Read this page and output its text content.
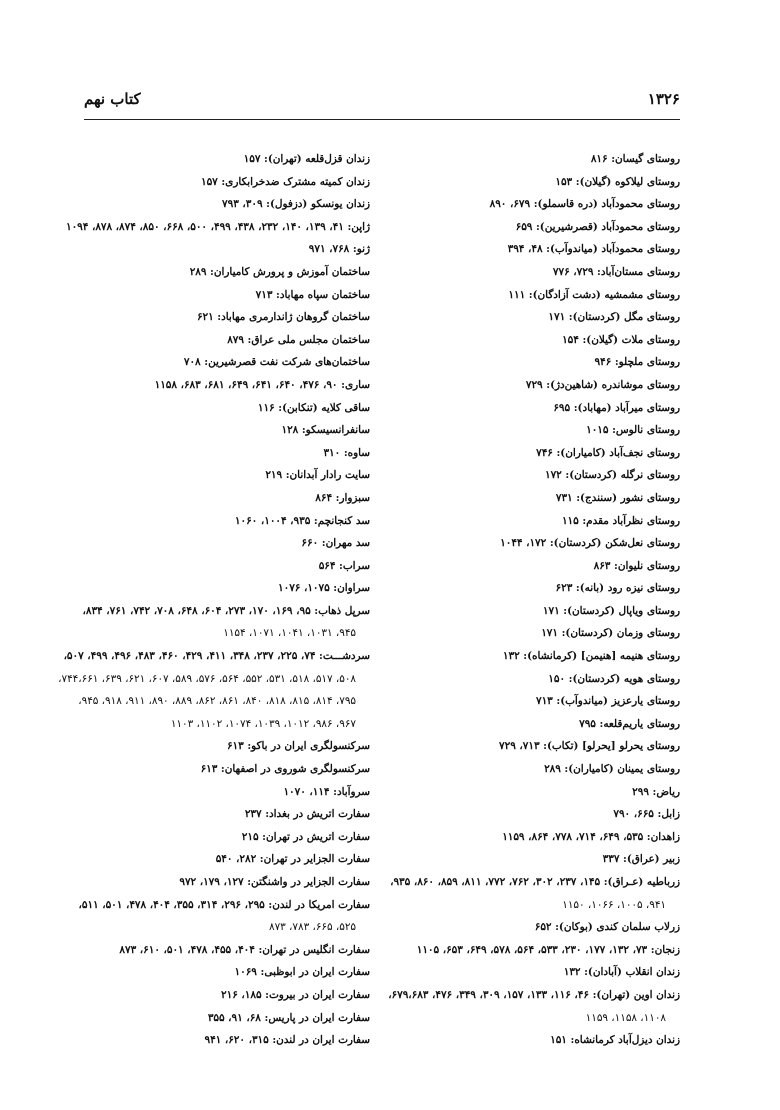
۱۳۲۶
کتاب نهم
روستای گیسان: ۸۱۶
روستای لیلاکوه (گیلان): ۱۵۳
روستای محمودآباد (دره قاسملو): ۶۷۹، ۸۹۰
روستای محمودآباد (قصرشیرین): ۶۵۹
روستای محمودآباد (میاندوآب): ۴۸، ۳۹۴
روستای مستان‌آباد: ۷۲۹، ۷۷۶
روستای مشمشیه (دشت آزادگان): ۱۱۱
روستای مگل (کردستان): ۱۷۱
روستای ملات (گیلان): ۱۵۴
روستای ملچلو: ۹۴۶
روستای موشاندره (شاهین‌دژ): ۷۲۹
روستای میرآباد (مهاباد): ۶۹۵
روستای نالوس: ۱۰۱۵
روستای نجف‌آباد (کامیاران): ۷۴۶
روستای نرگله (کردستان): ۱۷۲
روستای نشور (سنندج): ۷۳۱
روستای نظرآباد مقدم: ۱۱۵
روستای نعل‌شکن (کردستان): ۱۷۲، ۱۰۴۴
روستای نلیوان: ۸۶۳
روستای نیزه رود (بانه): ۶۲۳
روستای ویاپال (کردستان): ۱۷۱
روستای وزمان (کردستان): ۱۷۱
روستای هنیمه [هنیمن] (کرمانشاه): ۱۳۲
روستای هویه (کردستان): ۱۵۰
روستای یارعزیز (میاندوآب): ۷۱۳
روستای یاریم‌قلعه: ۷۹۵
روستای یحرلو [یحرلو] (تکاب): ۷۱۳، ۷۲۹
روستای یمینان (کامیاران): ۲۸۹
ریاض: ۲۹۹
زابل: ۶۶۵، ۷۹۰
زاهدان: ۵۳۵، ۶۴۹، ۷۱۴، ۷۷۸، ۸۶۴، ۱۱۵۹
زبیر (عراق): ۳۳۷
زرباطیه (عـراق): ۱۴۵، ۲۳۷، ۳۰۲، ۷۶۲، ۷۷۲، ۸۱۱، ۸۵۹، ۸۶۰، ۹۳۵،
۹۴۱، ۱۰۰۵، ۱۰۶۶، ۱۱۵۰
زرلاب سلمان کندی (بوکان): ۶۵۲
زنجان: ۷۳، ۱۳۲، ۱۷۷، ۲۳۰، ۵۳۳، ۵۶۴، ۵۷۸، ۶۴۹، ۶۵۳، ۱۱۰۵
زندان انقلاب (آبادان): ۱۳۲
زندان اوین (تهران): ۴۶، ۱۱۶، ۱۳۳، ۱۵۷، ۳۰۹، ۳۴۹، ۴۷۶، ۶۷۹،۶۸۳،
۱۱۰۸، ۱۱۵۸، ۱۱۵۹
زندان دیزل‌آباد کرمانشاه: ۱۵۱
زندان قزل‌قلعه (تهران): ۱۵۷
زندان کمیته مشترک ضدخرابکاری: ۱۵۷
زندان یونسکو (دزفول): ۳۰۹، ۷۹۳
ژاپن: ۴۱، ۱۳۹، ۱۴۰، ۲۳۲، ۴۳۸، ۴۹۹، ۵۰۰، ۶۶۸، ۸۵۰، ۸۷۴، ۸۷۸، ۱۰۹۴
ژنو: ۷۶۸، ۹۷۱
ساختمان آموزش و پرورش کامیاران: ۲۸۹
ساختمان سپاه مهاباد: ۷۱۳
ساختمان گروهان ژاندارمری مهاباد: ۶۲۱
ساختمان مجلس ملی عراق: ۸۷۹
ساختمان‌های شرکت نفت قصرشیرین: ۷۰۸
ساری: ۹۰، ۴۷۶، ۶۴۰، ۶۴۱، ۶۴۹، ۶۸۱، ۶۸۳، ۱۱۵۸
ساقی کلایه (تنکابن): ۱۱۶
سانفرانسیسکو: ۱۲۸
ساوه: ۳۱۰
سایت رادار آبدانان: ۲۱۹
سبزوار: ۸۶۴
سد کنجانچم: ۹۳۵، ۱۰۰۴، ۱۰۶۰
سد مهران: ۶۶۰
سراب: ۵۶۴
سراوان: ۱۰۷۵، ۱۰۷۶
سرپل ذهاب: ۹۵، ۱۶۹، ۱۷۰، ۲۷۳، ۶۰۴، ۶۴۸، ۷۰۸، ۷۴۲، ۷۶۱، ۸۳۴،
۹۴۵، ۱۰۳۱، ۱۰۴۱، ۱۰۷۱، ۱۱۵۴
سردشـــت: ۷۴، ۲۲۵، ۲۳۷، ۳۴۸، ۴۱۱، ۴۲۹، ۴۶۰، ۴۸۳، ۴۹۶، ۴۹۹، ۵۰۷،
۵۰۸، ۵۱۷، ۵۱۸، ۵۳۱، ۵۵۲، ۵۶۴، ۵۷۶، ۵۸۹، ۶۰۷، ۶۲۱، ۶۳۹، ۷۴۴،۶۶۱،
۷۹۵، ۸۱۴، ۸۱۵، ۸۱۸، ۸۴۰، ۸۶۱، ۸۶۲، ۸۸۹، ۸۹۰، ۹۱۱، ۹۱۸، ۹۴۵،
۹۶۷، ۹۸۶، ۱۰۱۲، ۱۰۳۹، ۱۰۷۴، ۱۱۰۲، ۱۱۰۳
سرکنسولگری ایران در باکو: ۶۱۳
سرکنسولگری شوروی در اصفهان: ۶۱۳
سروآباد: ۱۱۴، ۱۰۷۰
سفارت اتریش در بغداد: ۲۳۷
سفارت اتریش در تهران: ۲۱۵
سفارت الجزایر در تهران: ۲۸۲، ۵۴۰
سفارت الجزایر در واشنگتن: ۱۲۷، ۱۷۹، ۹۷۲
سفارت امریکا در لندن: ۲۹۵، ۲۹۶، ۳۱۴، ۳۵۵، ۴۰۴، ۴۷۸، ۵۰۱، ۵۱۱،
۵۲۵، ۶۶۵، ۷۸۳، ۸۷۳
سفارت انگلیس در تهران: ۴۰۴، ۴۵۵، ۴۷۸، ۵۰۱، ۶۱۰، ۸۷۳
سفارت ایران در ابوظبی: ۱۰۶۹
سفارت ایران در بیروت: ۱۸۵، ۲۱۶
سفارت ایران در پاریس: ۶۸، ۹۱، ۳۵۵
سفارت ایران در لندن: ۳۱۵، ۶۲۰، ۹۴۱
